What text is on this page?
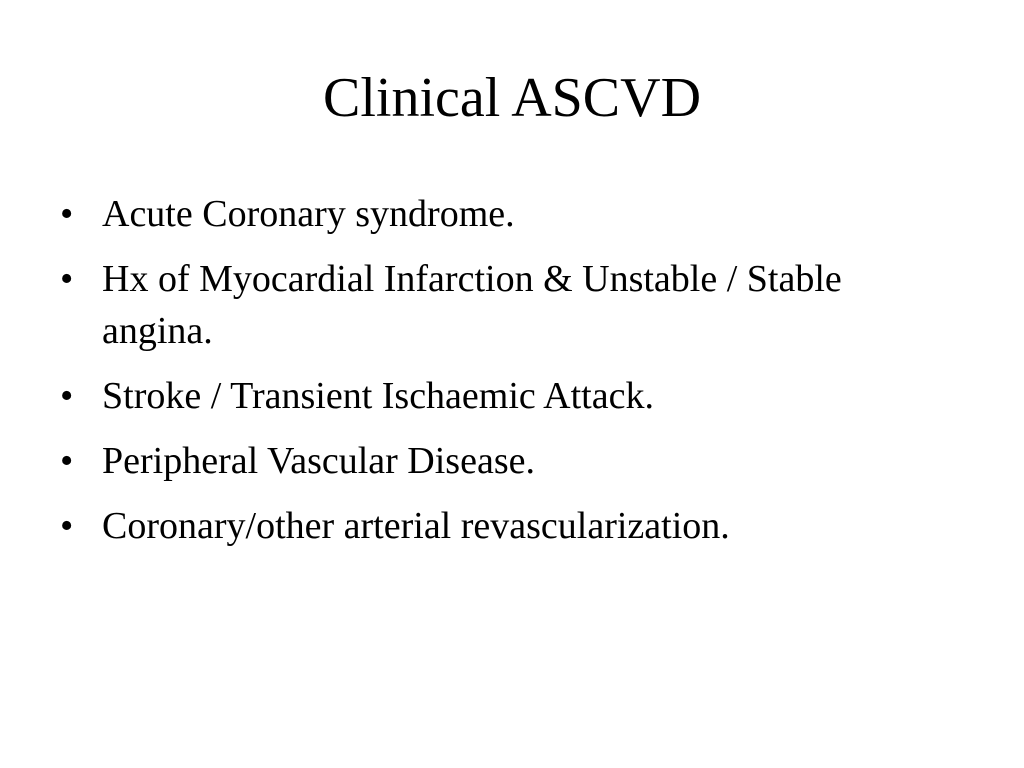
Clinical ASCVD
• Acute Coronary syndrome.
• Hx of Myocardial Infarction & Unstable / Stable angina.
• Stroke / Transient Ischaemic Attack.
• Peripheral Vascular Disease.
• Coronary/other arterial revascularization.
